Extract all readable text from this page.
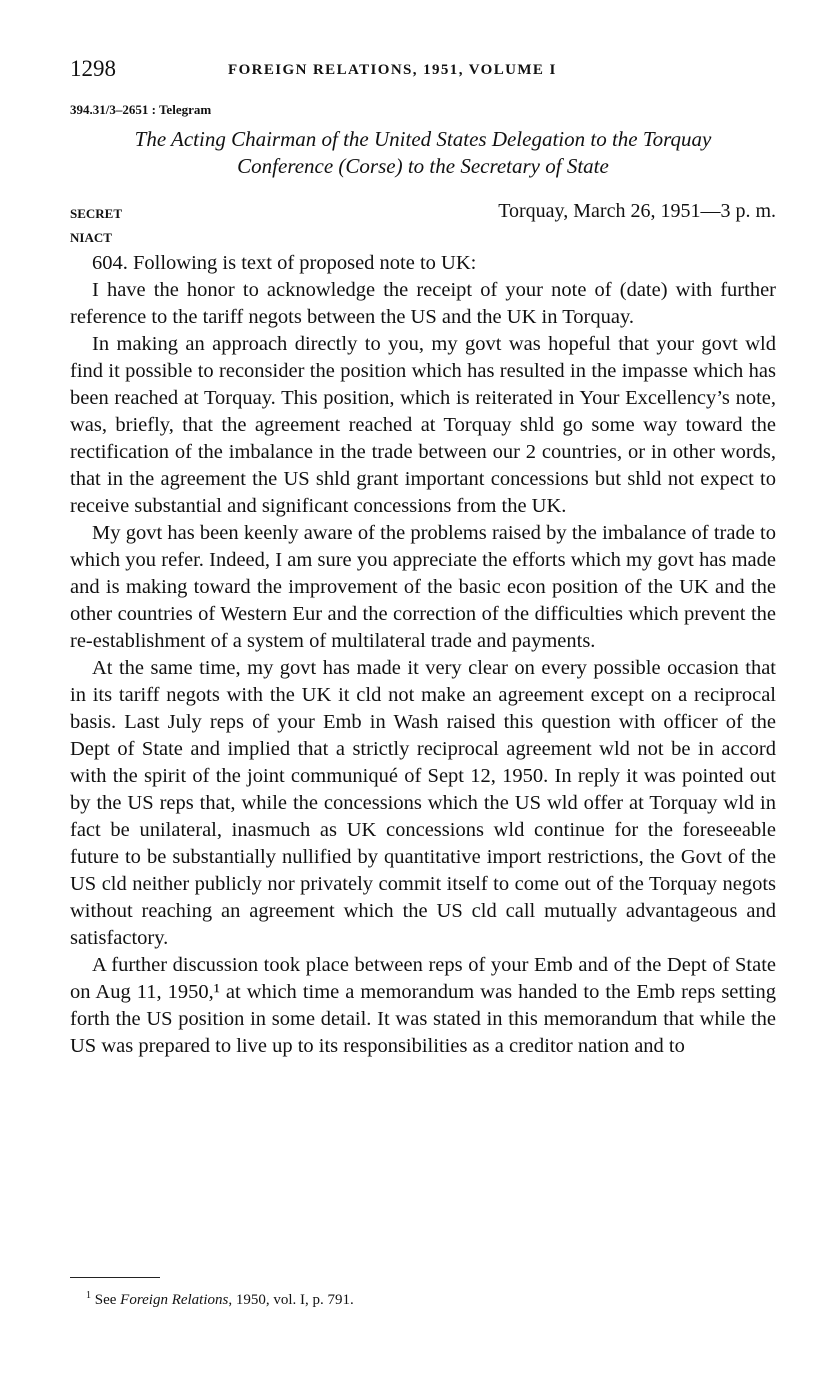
1298	FOREIGN RELATIONS, 1951, VOLUME I
394.31/3–2651 : Telegram
The Acting Chairman of the United States Delegation to the Torquay
Conference (Corse) to the Secretary of State
SECRET	Torquay, March 26, 1951—3 p. m.
NIACT

604. Following is text of proposed note to UK:

I have the honor to acknowledge the receipt of your note of (date) with further reference to the tariff negots between the US and the UK in Torquay.

In making an approach directly to you, my govt was hopeful that your govt wld find it possible to reconsider the position which has resulted in the impasse which has been reached at Torquay. This position, which is reiterated in Your Excellency’s note, was, briefly, that the agreement reached at Torquay shld go some way toward the rectification of the imbalance in the trade between our 2 countries, or in other words, that in the agreement the US shld grant important concessions but shld not expect to receive substantial and significant concessions from the UK.

My govt has been keenly aware of the problems raised by the imbalance of trade to which you refer. Indeed, I am sure you appreciate the efforts which my govt has made and is making toward the improvement of the basic econ position of the UK and the other countries of Western Eur and the correction of the difficulties which prevent the re-establishment of a system of multilateral trade and payments.

At the same time, my govt has made it very clear on every possible occasion that in its tariff negots with the UK it cld not make an agreement except on a reciprocal basis. Last July reps of your Emb in Wash raised this question with officer of the Dept of State and implied that a strictly reciprocal agreement wld not be in accord with the spirit of the joint communiqué of Sept 12, 1950. In reply it was pointed out by the US reps that, while the concessions which the US wld offer at Torquay wld in fact be unilateral, inasmuch as UK concessions wld continue for the foreseeable future to be substantially nullified by quantitative import restrictions, the Govt of the US cld neither publicly nor privately commit itself to come out of the Torquay negots without reaching an agreement which the US cld call mutually advantageous and satisfactory.

A further discussion took place between reps of your Emb and of the Dept of State on Aug 11, 1950,¹ at which time a memorandum was handed to the Emb reps setting forth the US position in some detail. It was stated in this memorandum that while the US was prepared to live up to its responsibilities as a creditor nation and to

$^1$ See Foreign Relations, 1950, vol. I, p. 791.
